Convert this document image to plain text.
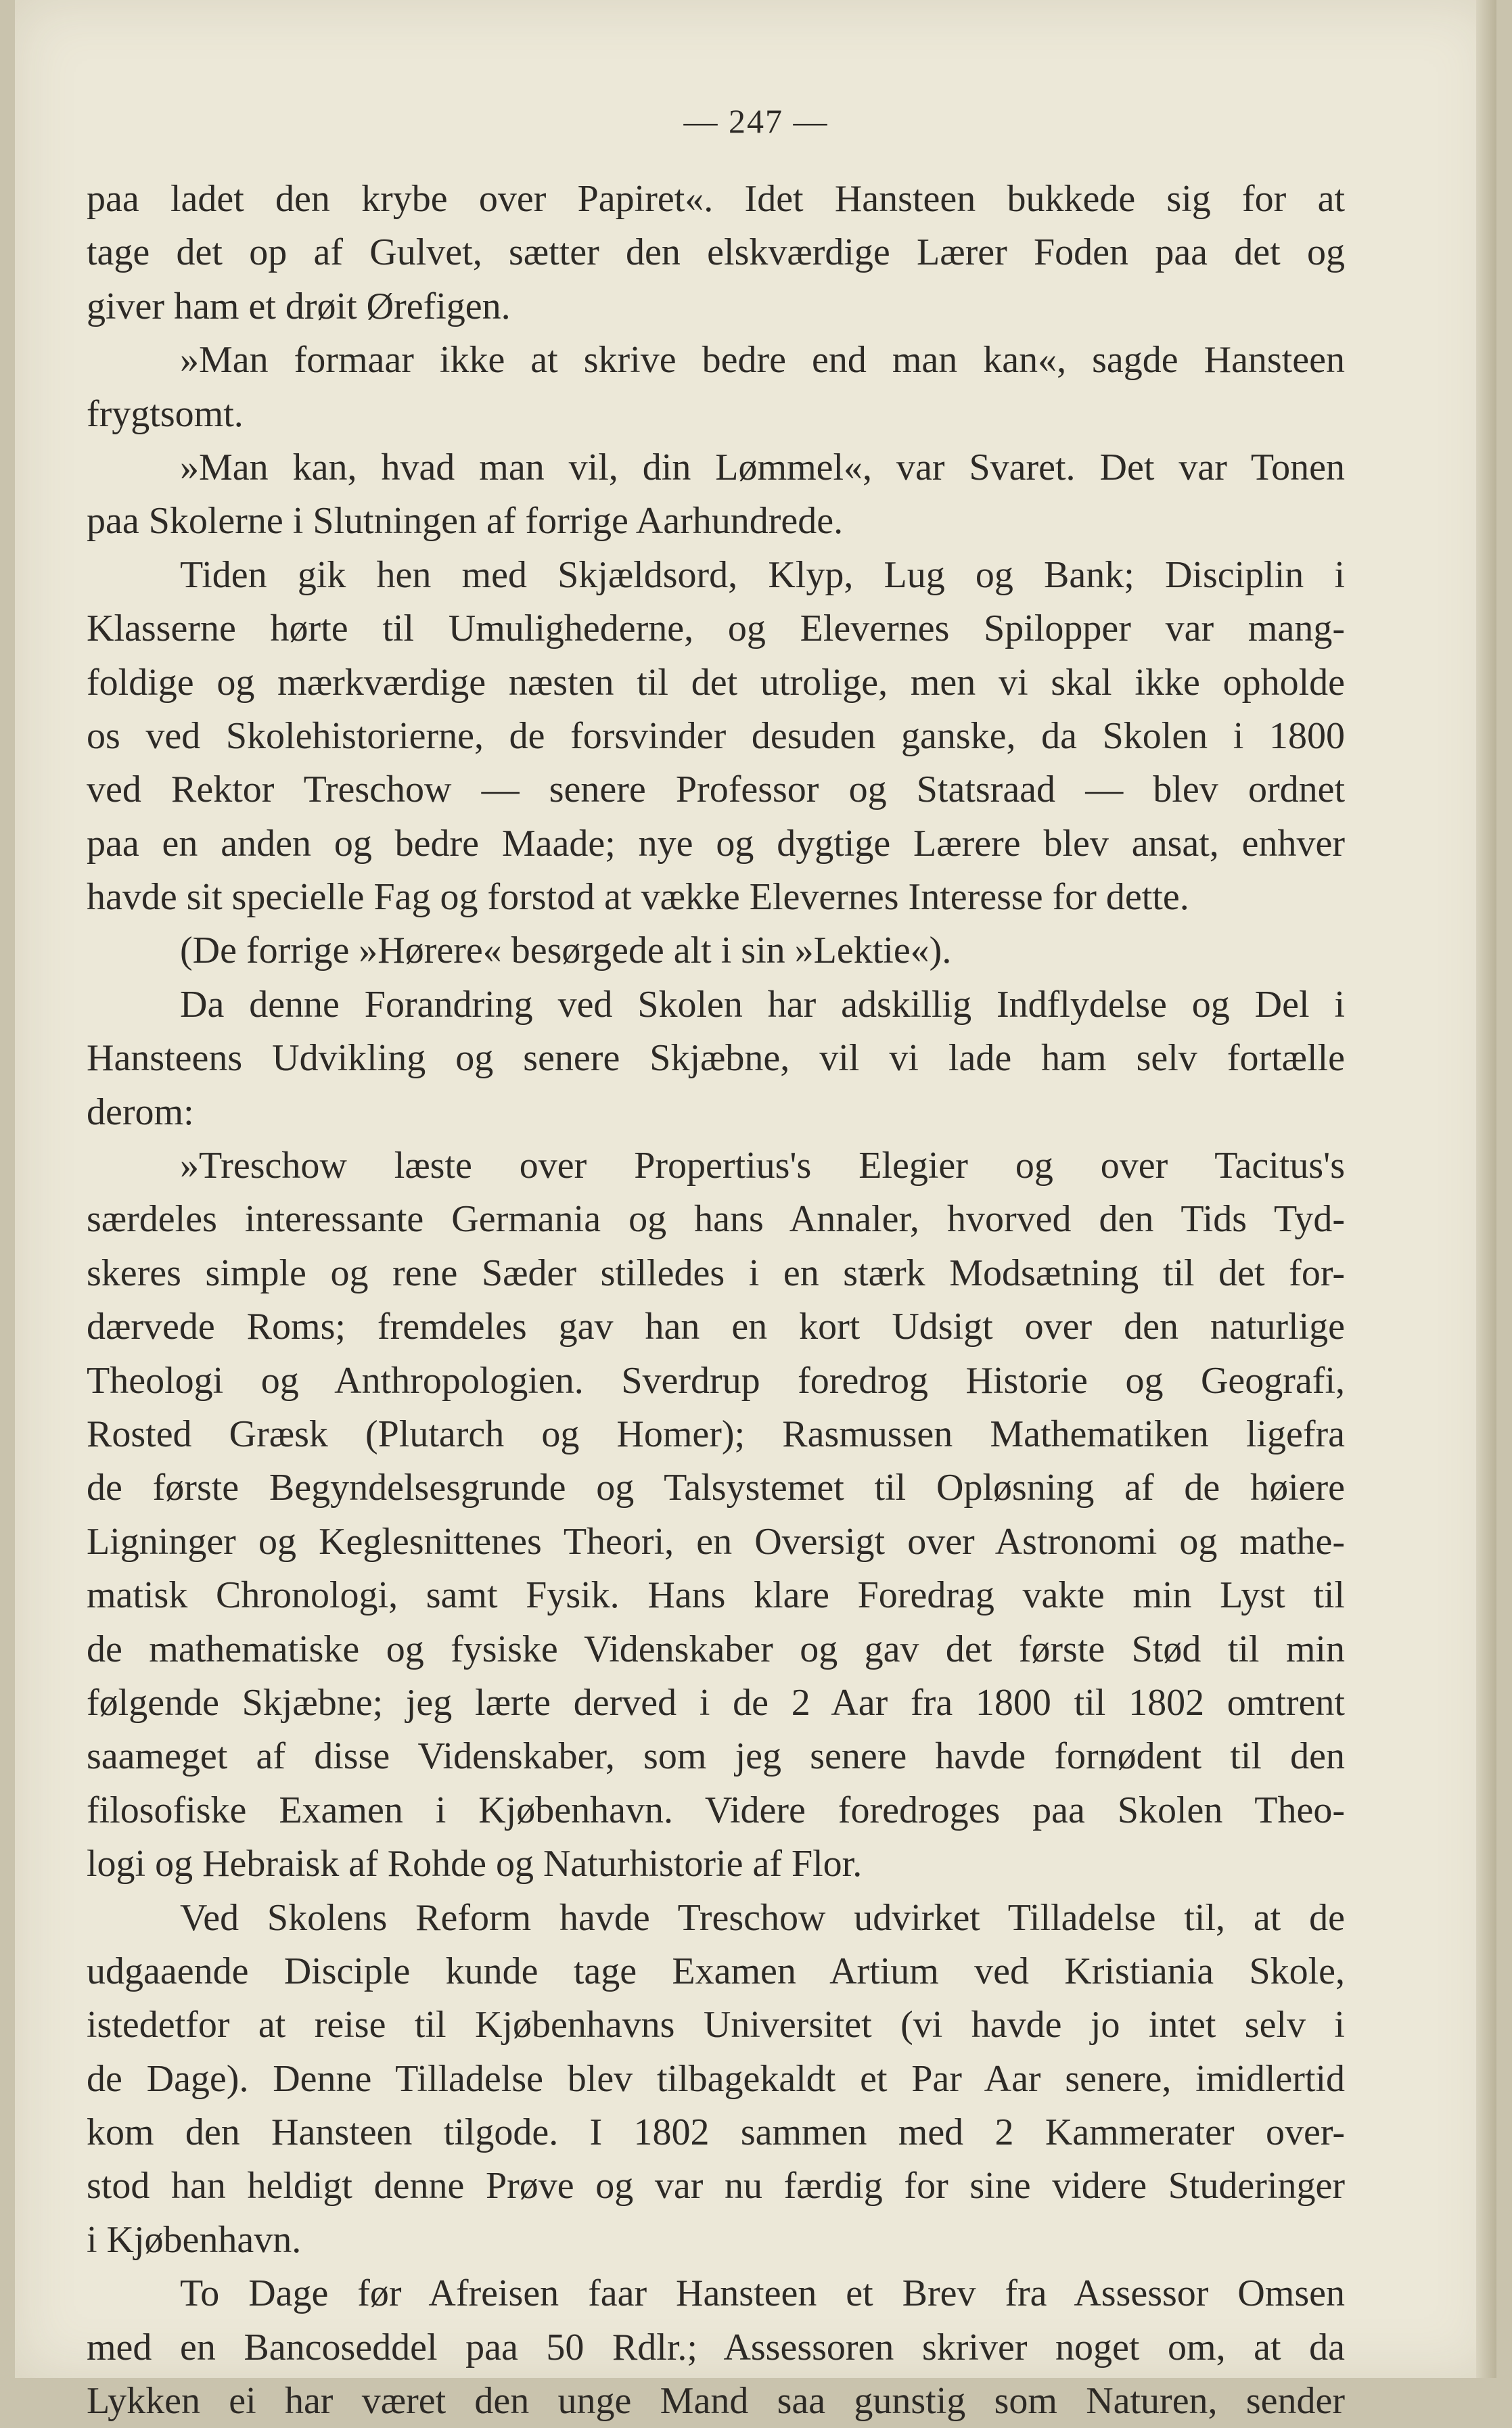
— 247 —
paa ladet den krybe over Papiret«. Idet Hansteen bukkede sig for at
tage det op af Gulvet, sætter den elskværdige Lærer Foden paa det og
giver ham et drøit Ørefigen.
»Man formaar ikke at skrive bedre end man kan«, sagde Hansteen
frygtsomt.
»Man kan, hvad man vil, din Lømmel«, var Svaret. Det var Tonen
paa Skolerne i Slutningen af forrige Aarhundrede.
Tiden gik hen med Skjældsord, Klyp, Lug og Bank; Disciplin i
Klasserne hørte til Umulighederne, og Elevernes Spilopper var mang-
foldige og mærkværdige næsten til det utrolige, men vi skal ikke opholde
os ved Skolehistorierne, de forsvinder desuden ganske, da Skolen i 1800
ved Rektor Treschow — senere Professor og Statsraad — blev ordnet
paa en anden og bedre Maade; nye og dygtige Lærere blev ansat, enhver
havde sit specielle Fag og forstod at vække Elevernes Interesse for dette.
(De forrige »Hørere« besørgede alt i sin »Lektie«).
Da denne Forandring ved Skolen har adskillig Indflydelse og Del i
Hansteens Udvikling og senere Skjæbne, vil vi lade ham selv fortælle
derom:
»Treschow læste over Propertius's Elegier og over Tacitus's
særdeles interessante Germania og hans Annaler, hvorved den Tids Tyd-
skeres simple og rene Sæder stilledes i en stærk Modsætning til det for-
dærvede Roms; fremdeles gav han en kort Udsigt over den naturlige
Theologi og Anthropologien. Sverdrup foredrog Historie og Geografi,
Rosted Græsk (Plutarch og Homer); Rasmussen Mathematiken ligefra
de første Begyndelsesgrunde og Talsystemet til Opløsning af de høiere
Ligninger og Keglesnittenes Theori, en Oversigt over Astronomi og mathe-
matisk Chronologi, samt Fysik. Hans klare Foredrag vakte min Lyst til
de mathematiske og fysiske Videnskaber og gav det første Stød til min
følgende Skjæbne; jeg lærte derved i de 2 Aar fra 1800 til 1802 omtrent
saameget af disse Videnskaber, som jeg senere havde fornødent til den
filosofiske Examen i Kjøbenhavn. Videre foredroges paa Skolen Theo-
logi og Hebraisk af Rohde og Naturhistorie af Flor.
Ved Skolens Reform havde Treschow udvirket Tilladelse til, at de
udgaaende Disciple kunde tage Examen Artium ved Kristiania Skole,
istedetfor at reise til Kjøbenhavns Universitet (vi havde jo intet selv i
de Dage). Denne Tilladelse blev tilbagekaldt et Par Aar senere, imidlertid
kom den Hansteen tilgode. I 1802 sammen med 2 Kammerater over-
stod han heldigt denne Prøve og var nu færdig for sine videre Studeringer
i Kjøbenhavn.
To Dage før Afreisen faar Hansteen et Brev fra Assessor Omsen
med en Bancoseddel paa 50 Rdlr.; Assessoren skriver noget om, at da
Lykken ei har været den unge Mand saa gunstig som Naturen, sender
